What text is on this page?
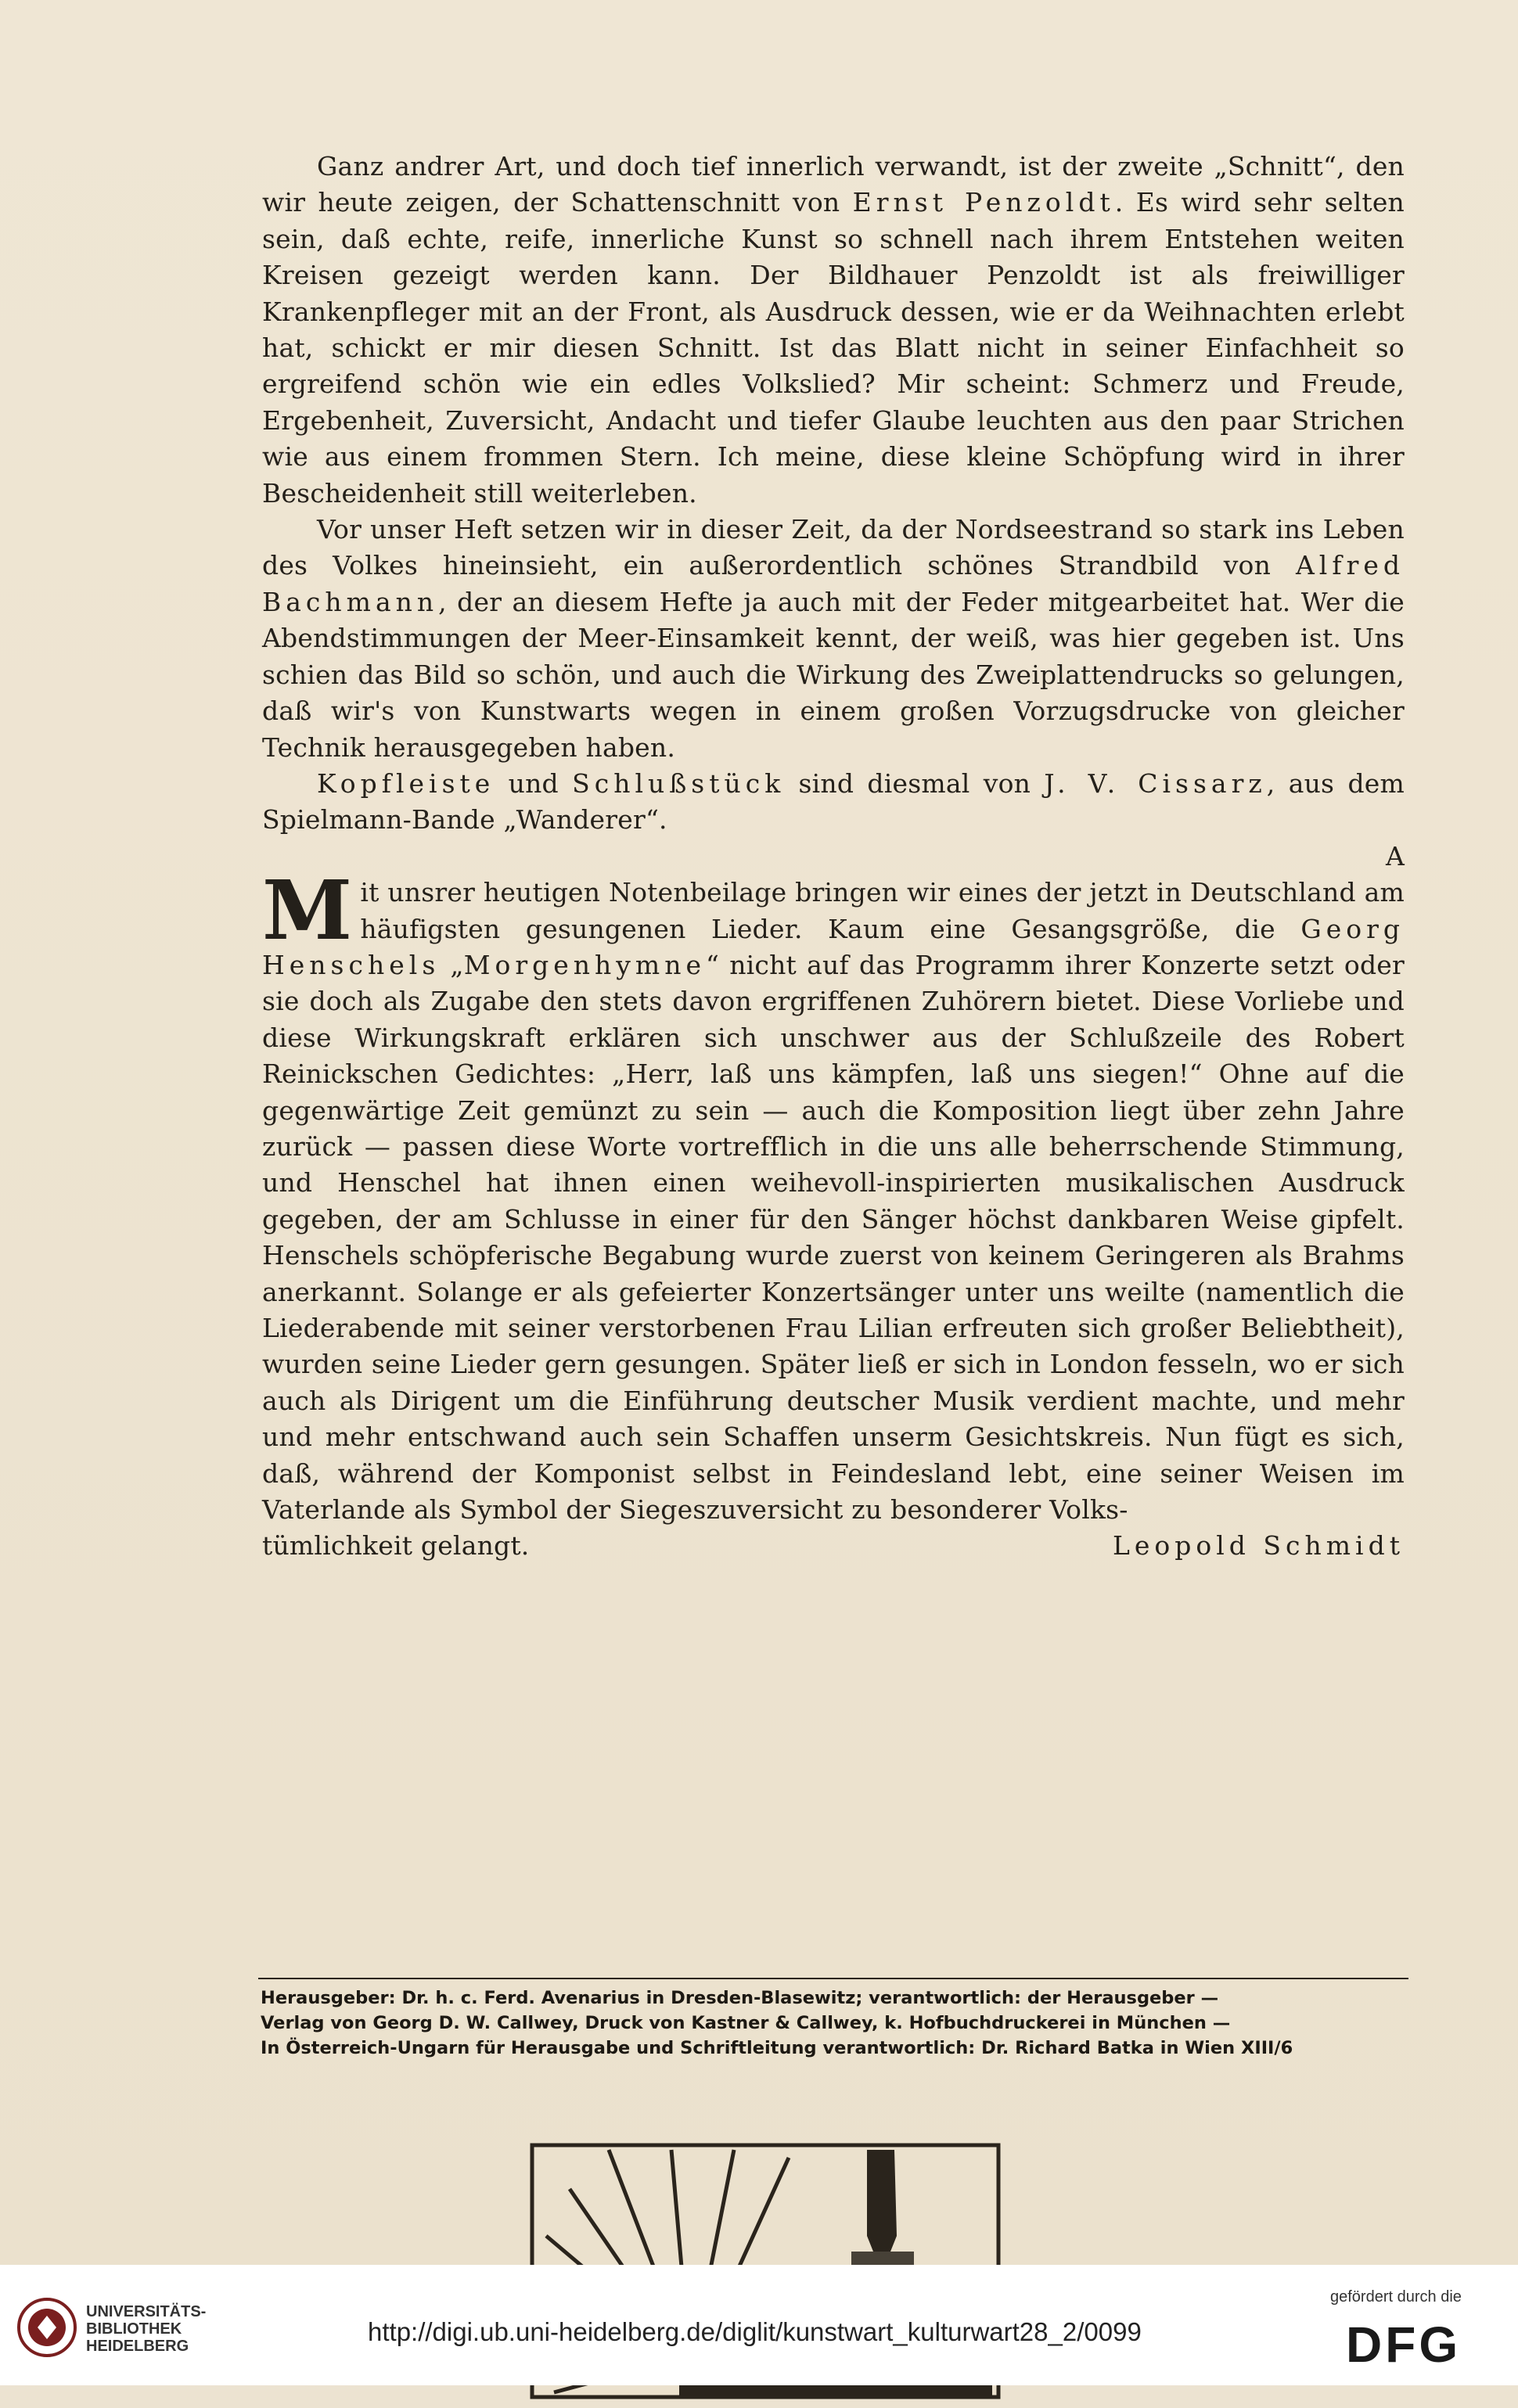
Ganz andrer Art, und doch tief innerlich verwandt, ist der zweite „Schnitt“, den wir heute zeigen, der Schattenschnitt von Ernst Penzoldt. Es wird sehr selten sein, daß echte, reife, innerliche Kunst so schnell nach ihrem Entstehen weiten Kreisen gezeigt werden kann. Der Bildhauer Penzoldt ist als freiwilliger Krankenpfleger mit an der Front, als Ausdruck dessen, wie er da Weihnachten erlebt hat, schickt er mir diesen Schnitt. Ist das Blatt nicht in seiner Einfachheit so ergreifend schön wie ein edles Volkslied? Mir scheint: Schmerz und Freude, Ergebenheit, Zuversicht, Andacht und tiefer Glaube leuchten aus den paar Strichen wie aus einem frommen Stern. Ich meine, diese kleine Schöpfung wird in ihrer Bescheidenheit still weiterleben.

Vor unser Heft setzen wir in dieser Zeit, da der Nordseestrand so stark ins Leben des Volkes hineinsieht, ein außerordentlich schönes Strandbild von Alfred Bachmann, der an diesem Hefte ja auch mit der Feder mitgearbeitet hat. Wer die Abendstimmungen der Meer-Einsamkeit kennt, der weiß, was hier gegeben ist. Uns schien das Bild so schön, und auch die Wirkung des Zweiplattendrucks so gelungen, daß wir's von Kunstwarts wegen in einem großen Vorzugsdrucke von gleicher Technik herausgegeben haben.

Kopfleiste und Schlußstück sind diesmal von J. V. Cissarz, aus dem Spielmann-Bande „Wanderer“.

A

Mit unsrer heutigen Notenbeilage bringen wir eines der jetzt in Deutschland am häufigsten gesungenen Lieder. Kaum eine Gesangsgröße, die Georg Henschels „Morgenhymne“ nicht auf das Programm ihrer Konzerte setzt oder sie doch als Zugabe den stets davon ergriffenen Zuhörern bietet. Diese Vorliebe und diese Wirkungskraft erklären sich unschwer aus der Schlußzeile des Robert Reinickschen Gedichtes: „Herr, laß uns kämpfen, laß uns siegen!“ Ohne auf die gegenwärtige Zeit gemünzt zu sein — auch die Komposition liegt über zehn Jahre zurück — passen diese Worte vortrefflich in die uns alle beherrschende Stimmung, und Henschel hat ihnen einen weihevoll-inspirierten musikalischen Ausdruck gegeben, der am Schlusse in einer für den Sänger höchst dankbaren Weise gipfelt. Henschels schöpferische Begabung wurde zuerst von keinem Geringeren als Brahms anerkannt. Solange er als gefeierter Konzertsänger unter uns weilte (namentlich die Liederabende mit seiner verstorbenen Frau Lilian erfreuten sich großer Beliebtheit), wurden seine Lieder gern gesungen. Später ließ er sich in London fesseln, wo er sich auch als Dirigent um die Einführung deutscher Musik verdient machte, und mehr und mehr entschwand auch sein Schaffen unserm Gesichtskreis. Nun fügt es sich, daß, während der Komponist selbst in Feindesland lebt, eine seiner Weisen im Vaterlande als Symbol der Siegeszuversicht zu besonderer Volks-

tümlichkeit gelangt.	Leopold Schmidt
Herausgeber: Dr. h. c. Ferd. Avenarius in Dresden-Blasewitz; verantwortlich: der Herausgeber —
Verlag von Georg D. W. Callwey, Druck von Kastner & Callwey, k. Hofbuchdruckerei in München —
In Österreich-Ungarn für Herausgabe und Schriftleitung verantwortlich: Dr. Richard Batka in Wien XIII/6
UNIVERSITÄTS-
BIBLIOTHEK
HEIDELBERG	http://digi.ub.uni-heidelberg.de/diglit/kunstwart_kulturwart28_2/0099
gefördert durch die
DFG
